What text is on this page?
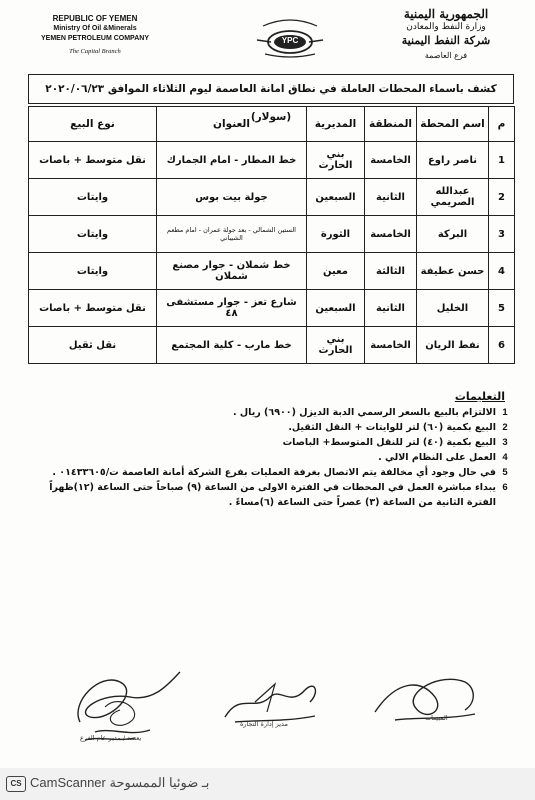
REPUBLIC OF YEMEN
Ministry Of Oil &Minerals
YEMEN PETROLEUM COMPANY
The Capital Branch
YPC
الجمهورية اليمنية
وزارة النفط والمعادن
شركة النفط اليمنية
فرع العاصمة
كشف باسماء المحطات العاملة في نطاق امانة العاصمة ليوم الثلاثاء الموافق ٢٠٢٠/٠٦/٢٣ (سولار)
م	اسم المحطة	المنطقة	المديرية	العنوان	نوع البيع
1	ناصر راوع	الخامسة	بني الحارث	خط المطار - امام الجمارك	نقل متوسط + باصات
2	عبدالله الصريمي	الثانية	السبعين	جولة بيت بوس	وايتات
3	البركة	الخامسة	الثورة	الستين الشمالي - بعد جولة عمران - امام مطعم الشيباني	وايتات
4	حسن عطيفة	الثالثة	معين	خط شملان - جوار مصنع شملان	وايتات
5	الخليل	الثانية	السبعين	شارع تعز - جوار مستشفى ٤٨	نقل متوسط + باصات
6	نفط الريان	الخامسة	بني الحارث	خط مارب - كلية المجتمع	نقل ثقيل
التعليمات
1
الالتزام بالبيع بالسعر الرسمي الدبة الديزل (٦٩٠٠) ريال .
2
البيع بكمية (٦٠) لتر للوايتات + النقل الثقيل.
3
البيع بكمية (٤٠) لتر للنقل المتوسط+ الباصات
4
العمل على النظام الالي .
5
في حال وجود أي مخالفة يتم الاتصال بغرفة العمليات بفرع الشركة أمانة العاصمة ت/٠١٤٣٣٦٠٥ .
6
يبداء مباشرة العمل في المحطات في الفترة الاولى من الساعة (٩) صباحاً حتى الساعة (١٢)ظهراً الفترة الثانية من الساعة (٣) عصراً حتى الساعة (٦)مساءً .
يعتمد / مدير عام الفرع
مدير إدارة التجارة
المبيعات
CS CamScanner بـ ضوئيا الممسوحة
